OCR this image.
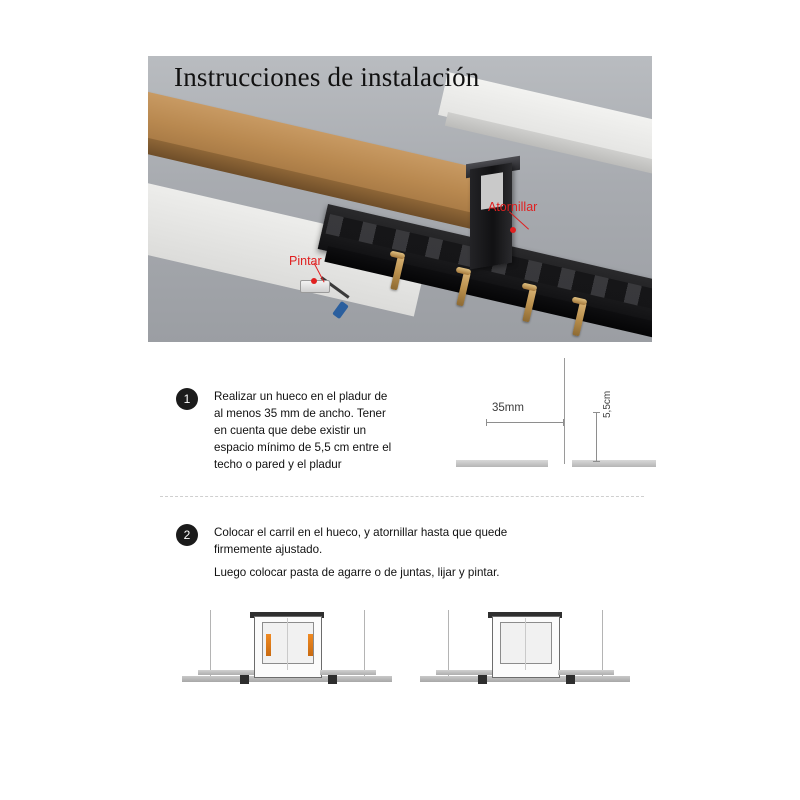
Atornillar
Pintar
Instrucciones de instalación
1	Realizar un hueco en el pladur de
al menos 35 mm de ancho. Tener
en cuenta que debe existir un
espacio mínimo de 5,5 cm entre el
techo o pared y el pladur
35mm	5,5cm
2	Colocar el carril en el hueco, y atornillar hasta que quede
firmemente ajustado.
Luego colocar pasta de agarre o de juntas, lijar y pintar.
